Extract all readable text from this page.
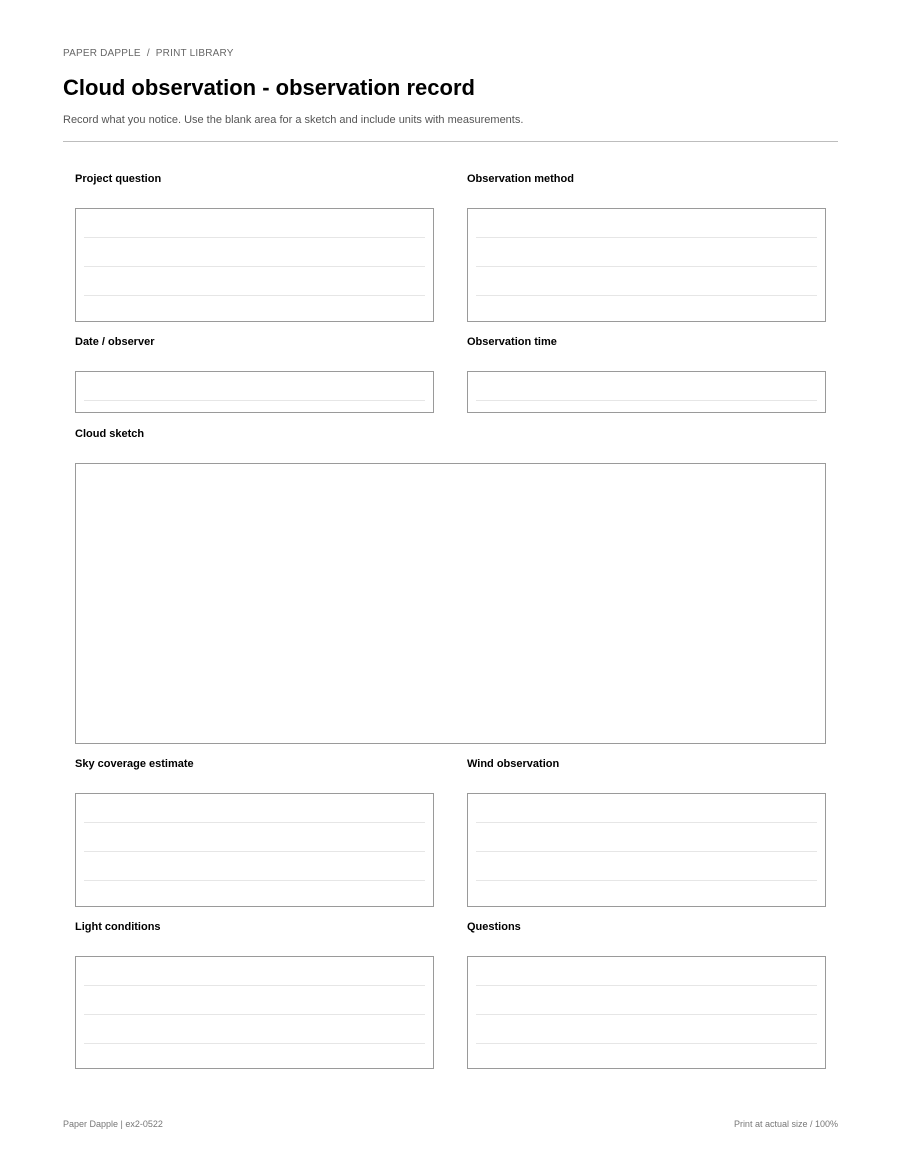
PAPER DAPPLE / PRINT LIBRARY
Cloud observation - observation record
Record what you notice. Use the blank area for a sketch and include units with measurements.
Project question	Observation method
Date / observer	Observation time
Cloud sketch
Sky coverage estimate	Wind observation
Light conditions	Questions
Paper Dapple | ex2-0522	Print at actual size / 100%
